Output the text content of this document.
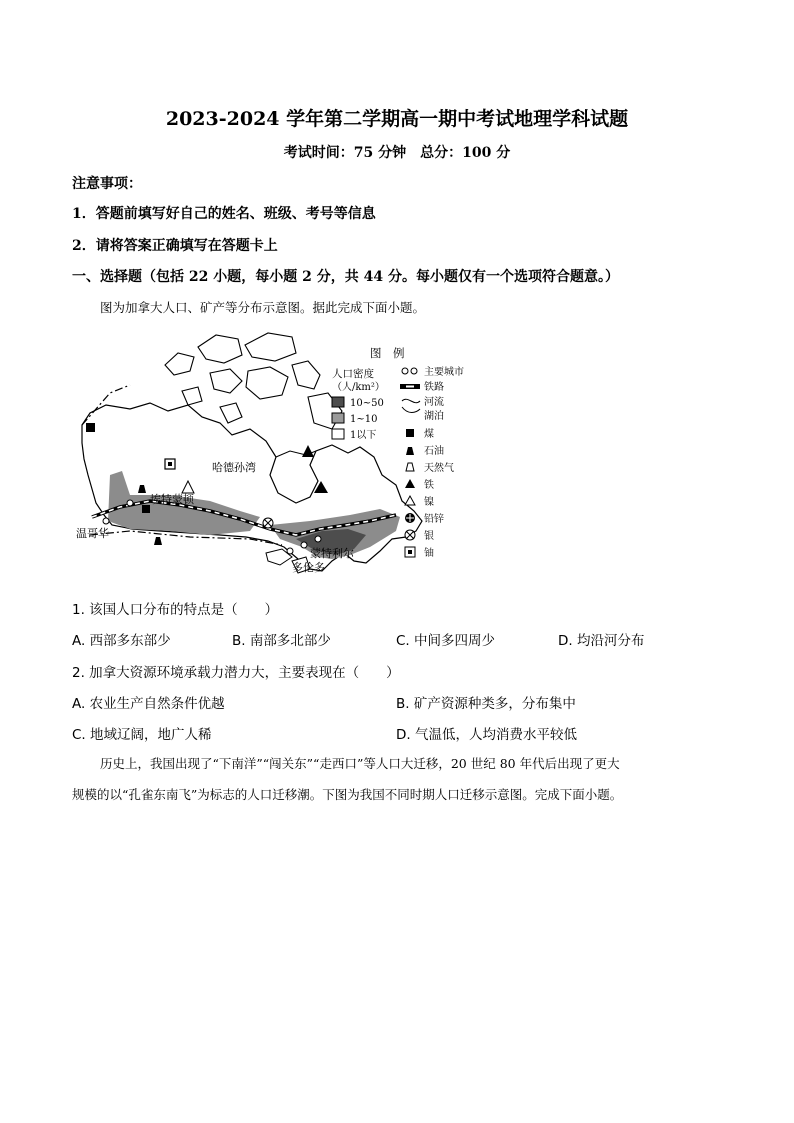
2023-2024 学年第二学期高一期中考试地理学科试题
考试时间：75 分钟　总分：100 分
注意事项：
1．答题前填写好自己的姓名、班级、考号等信息
2．请将答案正确填写在答题卡上
一、选择题（包括 22 小题，每小题 2 分，共 44 分。每小题仅有一个选项符合题意。）
图为加拿大人口、矿产等分布示意图。据此完成下面小题。
哈德孙湾
埃特蒙顿
温哥华
蒙特利尔
多伦多
图　例
人口密度
（人/km²）
10~50
1~10
1以下
主要城市
铁路
河流
湖泊
煤
石油
天然气
铁
镍
铅锌
银
铀
1. 该国人口分布的特点是（　　）
A. 西部多东部少	B. 南部多北部少	C. 中间多四周少	D. 均沿河分布
2. 加拿大资源环境承载力潜力大，主要表现在（　　）
A. 农业生产自然条件优越	B. 矿产资源种类多，分布集中
C. 地域辽阔，地广人稀	D. 气温低，人均消费水平较低
历史上，我国出现了“下南洋”“闯关东”“走西口”等人口大迁移，20 世纪 80 年代后出现了更大
规模的以“孔雀东南飞”为标志的人口迁移潮。下图为我国不同时期人口迁移示意图。完成下面小题。
